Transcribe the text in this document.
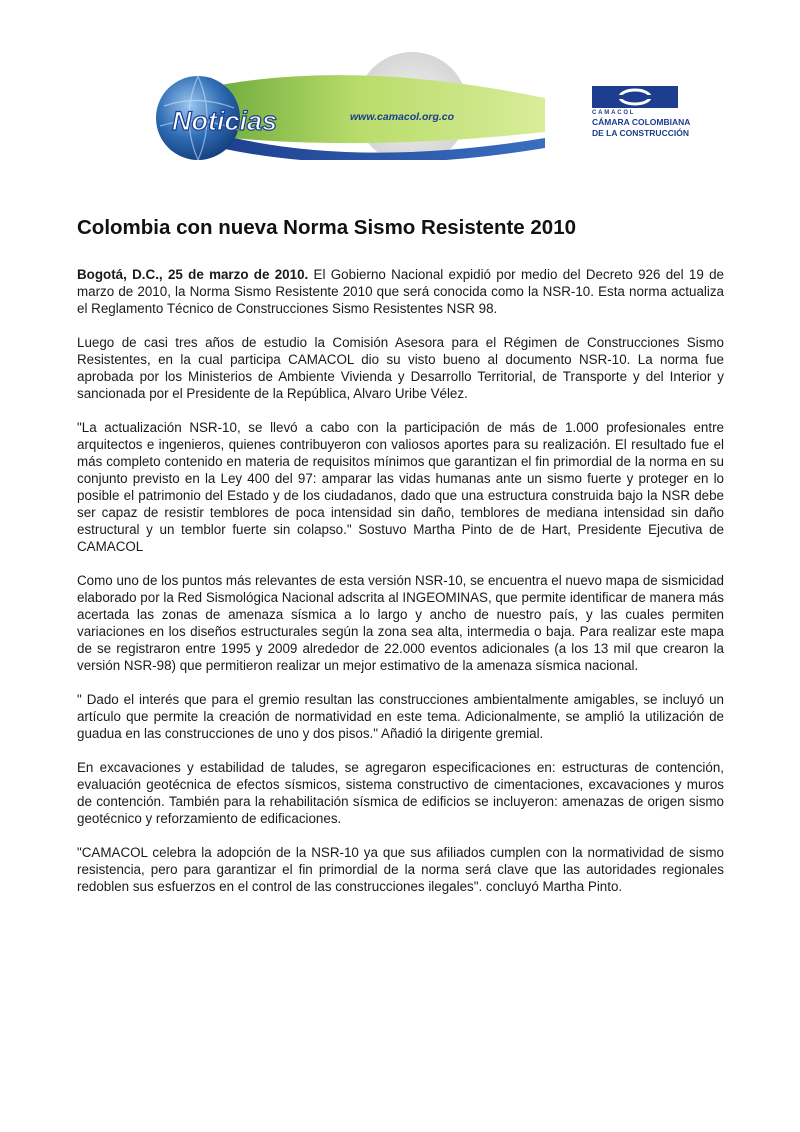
Noticias	www.camacol.org.co	CAMACOL
CÁMARA COLOMBIANA
DE LA CONSTRUCCIÓN
Colombia con nueva Norma Sismo Resistente 2010

Bogotá, D.C., 25 de marzo de 2010. El Gobierno Nacional expidió por medio del Decreto 926 del 19 de marzo de 2010, la Norma Sismo Resistente 2010 que será conocida como la NSR-10. Esta norma actualiza el Reglamento Técnico de Construcciones Sismo Resistentes NSR 98.

Luego de casi tres años de estudio la Comisión Asesora para el Régimen de Construcciones Sismo Resistentes, en la cual participa CAMACOL dio su visto bueno al documento NSR-10. La norma fue aprobada por los Ministerios de Ambiente Vivienda y Desarrollo Territorial, de Transporte y del Interior y sancionada por el Presidente de la República, Alvaro Uribe Vélez.

"La actualización NSR-10, se llevó a cabo con la participación de más de 1.000 profesionales entre arquitectos e ingenieros, quienes contribuyeron con valiosos aportes para su realización. El resultado fue el más completo contenido en materia de requisitos mínimos que garantizan el fin primordial de la norma en su conjunto previsto en la Ley 400 del 97: amparar las vidas humanas ante un sismo fuerte y proteger en lo posible el patrimonio del Estado y de los ciudadanos, dado que una estructura construida bajo la NSR debe ser capaz de resistir temblores de poca intensidad sin daño, temblores de mediana intensidad sin daño estructural y un temblor fuerte sin colapso." Sostuvo Martha Pinto de de Hart, Presidente Ejecutiva de CAMACOL

Como uno de los puntos más relevantes de esta versión NSR-10, se encuentra el nuevo mapa de sismicidad elaborado por la Red Sismológica Nacional adscrita al INGEOMINAS, que permite identificar de manera más acertada las zonas de amenaza sísmica a lo largo y ancho de nuestro país, y las cuales permiten variaciones en los diseños estructurales según la zona sea alta, intermedia o baja. Para realizar este mapa de se registraron entre 1995 y 2009 alrededor de 22.000 eventos adicionales (a los 13 mil que crearon la versión NSR-98) que permitieron realizar un mejor estimativo de la amenaza sísmica nacional.

" Dado el interés que para el gremio resultan las construcciones ambientalmente amigables, se incluyó un artículo que permite la creación de normatividad en este tema. Adicionalmente, se amplió la utilización de guadua en las construcciones de uno y dos pisos." Añadió la dirigente gremial.

En excavaciones y estabilidad de taludes, se agregaron especificaciones en: estructuras de contención, evaluación geotécnica de efectos sísmicos, sistema constructivo de cimentaciones, excavaciones y muros de contención. También para la rehabilitación sísmica de edificios se incluyeron: amenazas de origen sismo geotécnico y reforzamiento de edificaciones.

"CAMACOL celebra la adopción de la NSR-10 ya que sus afiliados cumplen con la normatividad de sismo resistencia, pero para garantizar el fin primordial de la norma será clave que las autoridades regionales redoblen sus esfuerzos en el control de las construcciones ilegales". concluyó Martha Pinto.
